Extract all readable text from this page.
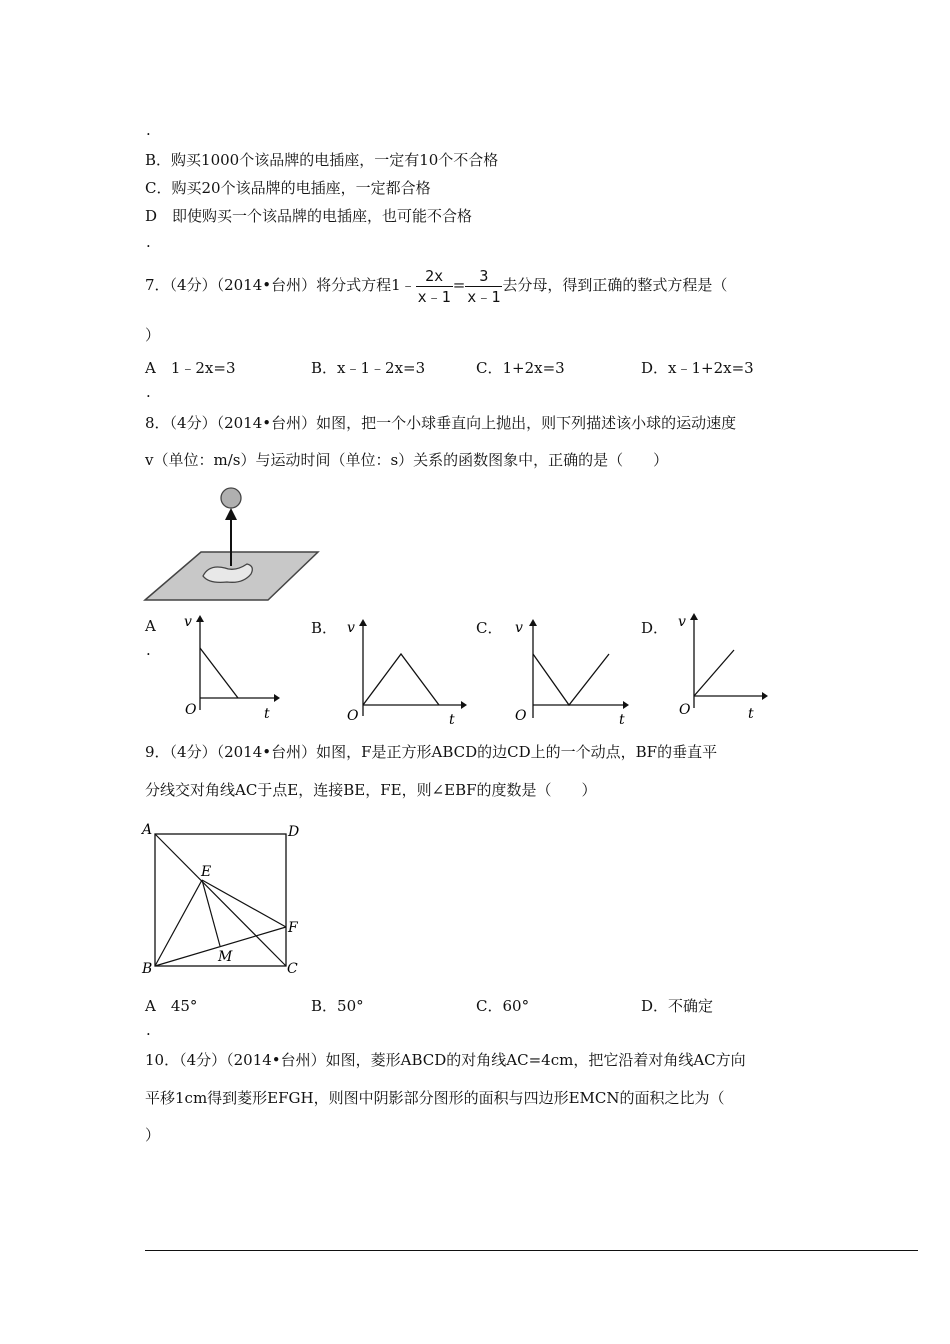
·
B．购买1000个该品牌的电插座，一定有10个不合格
C．购买20个该品牌的电插座，一定都合格
D　即使购买一个该品牌的电插座，也可能不合格
·
7．（4分）（2014•台州）将分式方程1﹣ $\frac{2x}{x﹣1} = \frac{3}{x﹣1}$ 去分母，得到正确的整式方程是（
）
A　1﹣2x=3	B．x﹣1﹣2x=3	C．1+2x=3	D．x﹣1+2x=3
·
8．（4分）（2014•台州）如图，把一个小球垂直向上抛出，则下列描述该小球的运动速度
v（单位：m/s）与运动时间（单位：s）关系的函数图象中，正确的是（　　）
A
·
B．	C．	D．
v
t
O
v
t
O
v
t
O
v
t
O
9．（4分）（2014•台州）如图，F是正方形ABCD的边CD上的一个动点，BF的垂直平
分线交对角线AC于点E，连接BE，FE，则∠EBF的度数是（　　）
A	D
E
F
M
B	C
A　45°	B．50°	C．60°	D．不确定
·
10．（4分）（2014•台州）如图，菱形ABCD的对角线AC=4cm，把它沿着对角线AC方向
平移1cm得到菱形EFGH，则图中阴影部分图形的面积与四边形EMCN的面积之比为（
）
